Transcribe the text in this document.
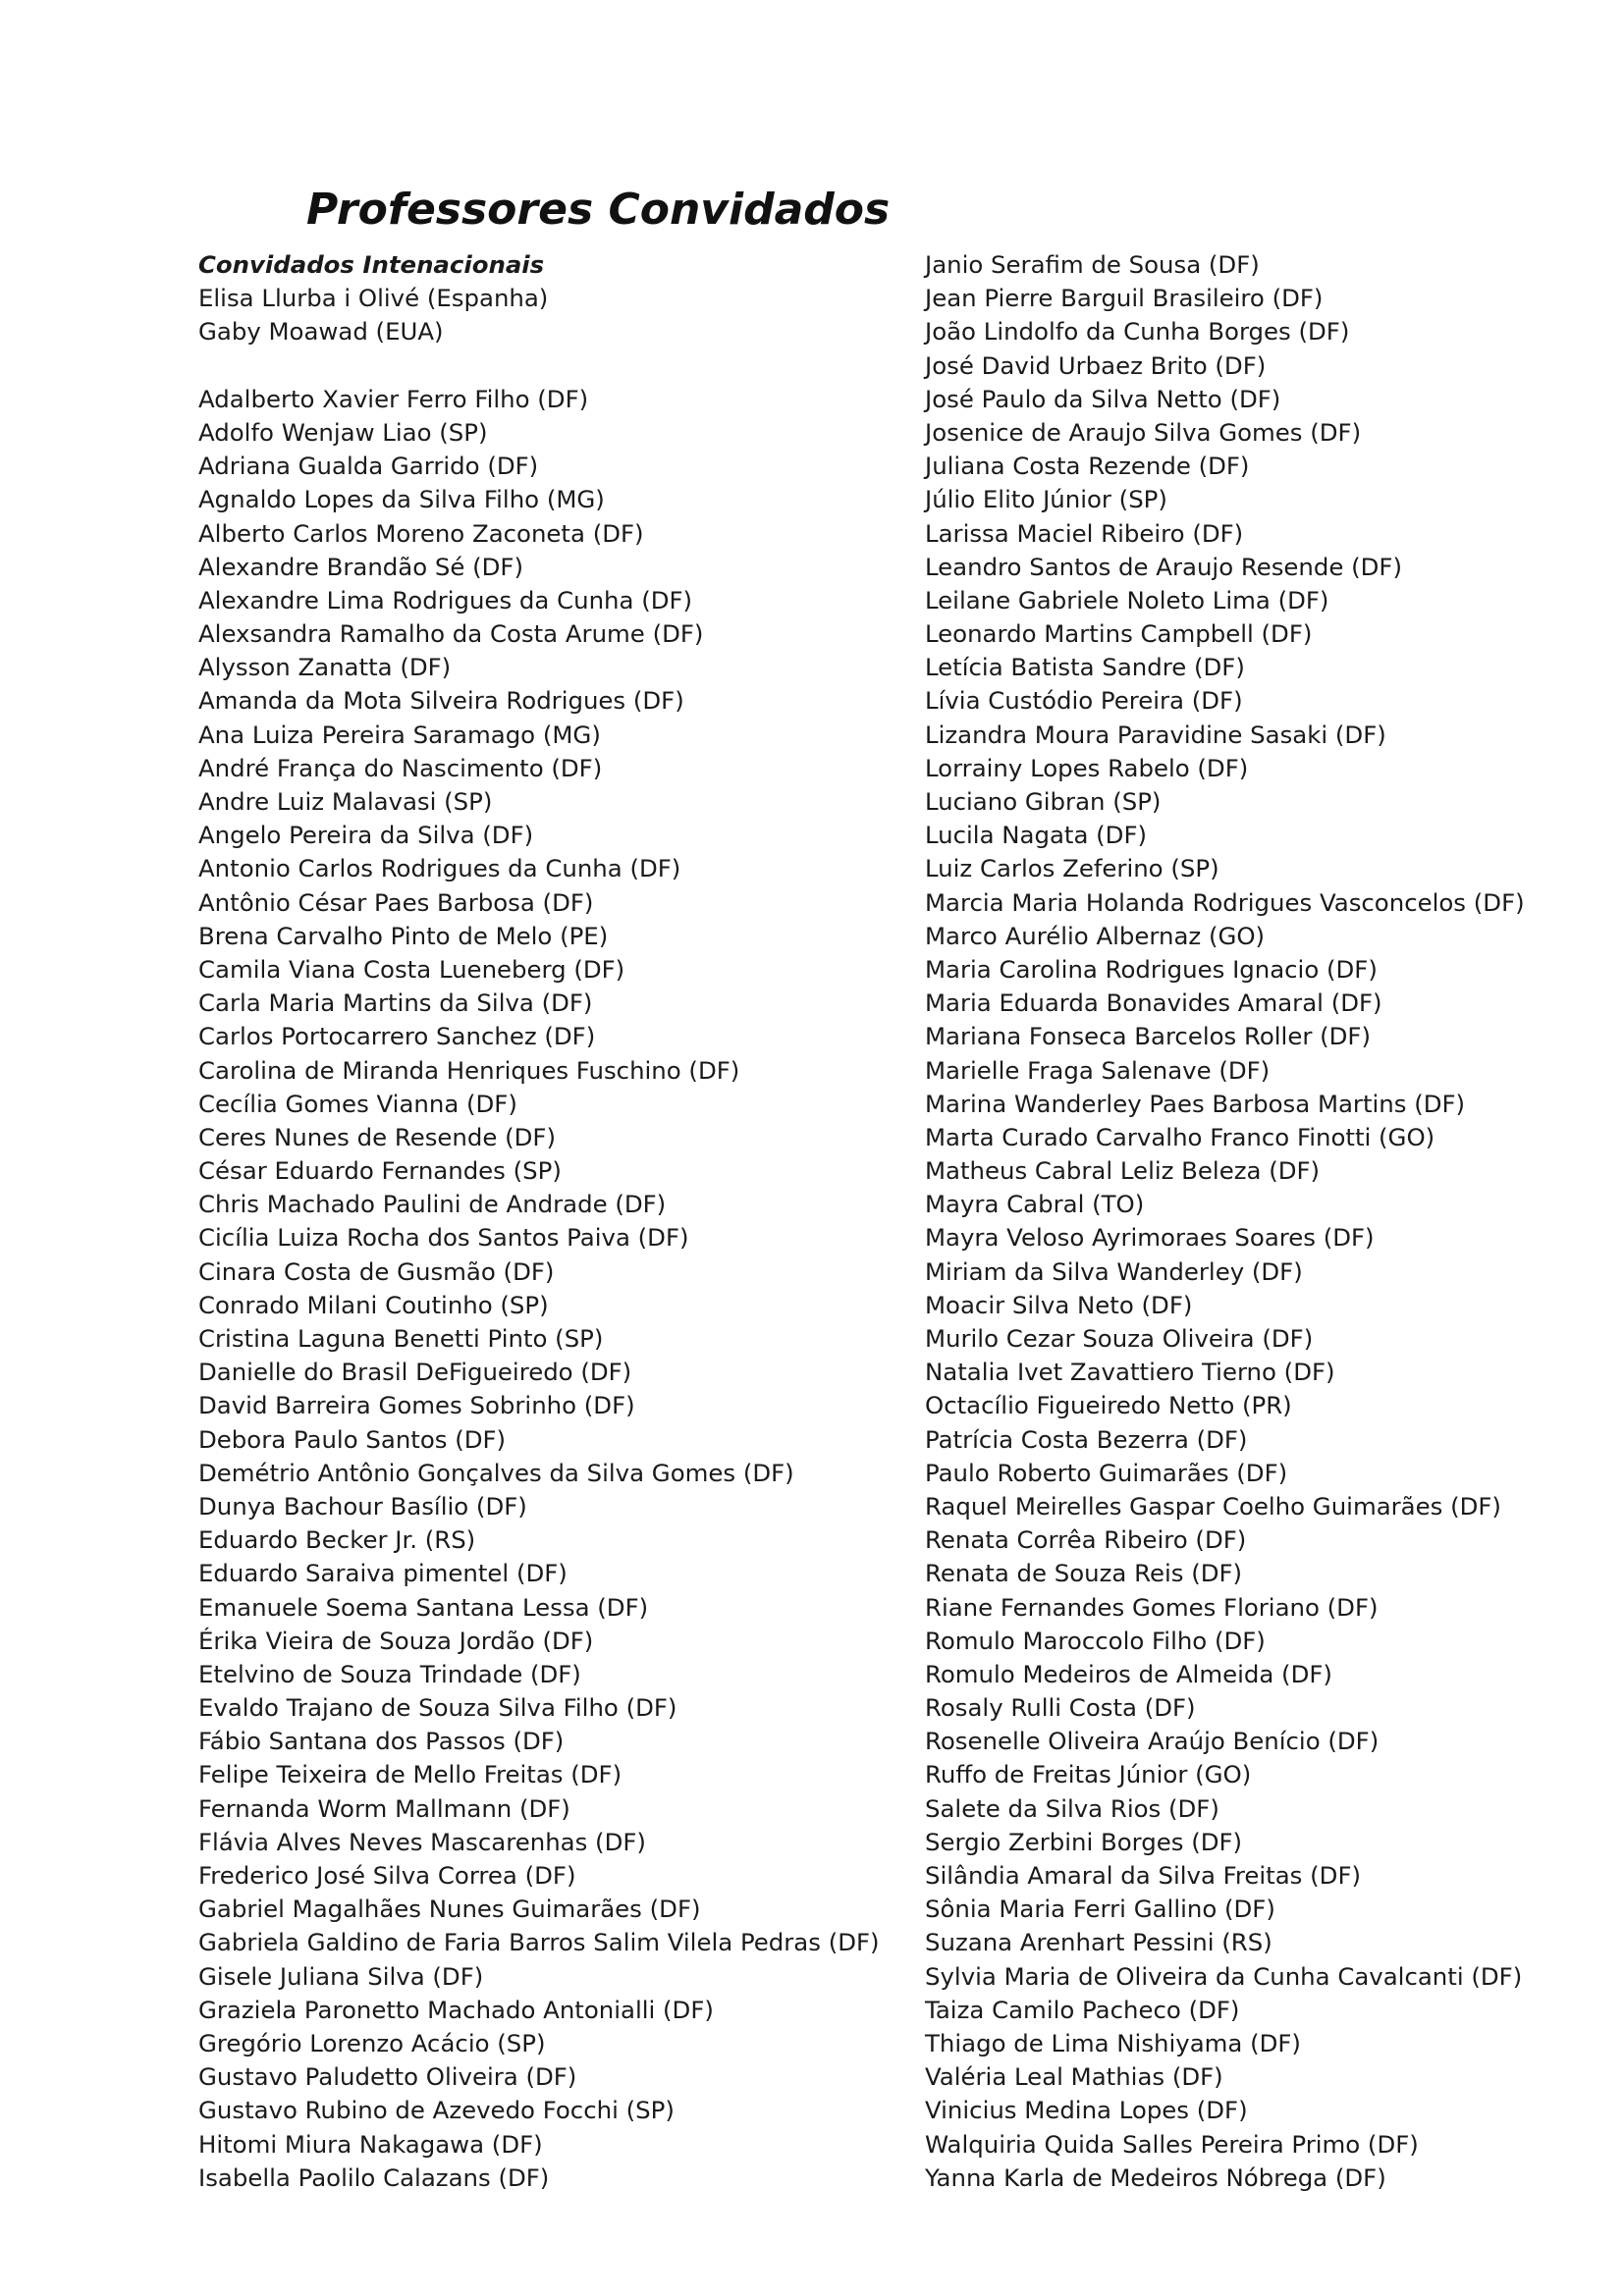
Professores Convidados
Convidados Intenacionais
Elisa Llurba i Olivé (Espanha)
Gaby Moawad (EUA)
Adalberto Xavier Ferro Filho (DF)
Adolfo Wenjaw Liao (SP)
Adriana Gualda Garrido (DF)
Agnaldo Lopes da Silva Filho (MG)
Alberto Carlos Moreno Zaconeta (DF)
Alexandre Brandão Sé (DF)
Alexandre Lima Rodrigues da Cunha (DF)
Alexsandra Ramalho da Costa Arume (DF)
Alysson Zanatta (DF)
Amanda da Mota Silveira Rodrigues (DF)
Ana Luiza Pereira Saramago (MG)
André França do Nascimento (DF)
Andre Luiz Malavasi (SP)
Angelo Pereira da Silva (DF)
Antonio Carlos Rodrigues da Cunha (DF)
Antônio César Paes Barbosa (DF)
Brena Carvalho Pinto de Melo (PE)
Camila Viana Costa Lueneberg (DF)
Carla Maria Martins da Silva (DF)
Carlos Portocarrero Sanchez (DF)
Carolina de Miranda Henriques Fuschino (DF)
Cecília Gomes Vianna (DF)
Ceres Nunes de Resende (DF)
César Eduardo Fernandes (SP)
Chris Machado Paulini de Andrade (DF)
Cicília Luiza Rocha dos Santos Paiva (DF)
Cinara Costa de Gusmão (DF)
Conrado Milani Coutinho (SP)
Cristina Laguna Benetti Pinto (SP)
Danielle do Brasil DeFigueiredo (DF)
David Barreira Gomes Sobrinho (DF)
Debora Paulo Santos (DF)
Demétrio Antônio Gonçalves da Silva Gomes (DF)
Dunya Bachour Basílio (DF)
Eduardo Becker Jr. (RS)
Eduardo Saraiva pimentel (DF)
Emanuele Soema Santana Lessa (DF)
Érika Vieira de Souza Jordão (DF)
Etelvino de Souza Trindade (DF)
Evaldo Trajano de Souza Silva Filho (DF)
Fábio Santana dos Passos (DF)
Felipe Teixeira de Mello Freitas (DF)
Fernanda Worm Mallmann (DF)
Flávia Alves Neves Mascarenhas (DF)
Frederico José Silva Correa (DF)
Gabriel Magalhães Nunes Guimarães (DF)
Gabriela Galdino de Faria Barros Salim Vilela Pedras (DF)
Gisele Juliana Silva (DF)
Graziela Paronetto Machado Antonialli (DF)
Gregório Lorenzo Acácio (SP)
Gustavo Paludetto Oliveira (DF)
Gustavo Rubino de Azevedo Focchi (SP)
Hitomi Miura Nakagawa (DF)
Isabella Paolilo Calazans (DF)
Janio Serafim de Sousa (DF)
Jean Pierre Barguil Brasileiro (DF)
João Lindolfo da Cunha Borges (DF)
José David Urbaez Brito (DF)
José Paulo da Silva Netto (DF)
Josenice de Araujo Silva Gomes (DF)
Juliana Costa Rezende (DF)
Júlio Elito Júnior (SP)
Larissa Maciel Ribeiro (DF)
Leandro Santos de Araujo Resende (DF)
Leilane Gabriele Noleto Lima (DF)
Leonardo Martins Campbell (DF)
Letícia Batista Sandre (DF)
Lívia Custódio Pereira (DF)
Lizandra Moura Paravidine Sasaki (DF)
Lorrainy Lopes Rabelo (DF)
Luciano Gibran (SP)
Lucila Nagata (DF)
Luiz Carlos Zeferino (SP)
Marcia Maria Holanda Rodrigues Vasconcelos (DF)
Marco Aurélio Albernaz (GO)
Maria Carolina Rodrigues Ignacio (DF)
Maria Eduarda Bonavides Amaral (DF)
Mariana Fonseca Barcelos Roller (DF)
Marielle Fraga Salenave (DF)
Marina Wanderley Paes Barbosa Martins (DF)
Marta Curado Carvalho Franco Finotti (GO)
Matheus Cabral Leliz Beleza (DF)
Mayra Cabral (TO)
Mayra Veloso Ayrimoraes Soares (DF)
Miriam da Silva Wanderley (DF)
Moacir Silva Neto (DF)
Murilo Cezar Souza Oliveira (DF)
Natalia Ivet Zavattiero Tierno (DF)
Octacílio Figueiredo Netto (PR)
Patrícia Costa Bezerra (DF)
Paulo Roberto Guimarães (DF)
Raquel Meirelles Gaspar Coelho Guimarães (DF)
Renata Corrêa Ribeiro (DF)
Renata de Souza Reis (DF)
Riane Fernandes Gomes Floriano (DF)
Romulo Maroccolo Filho (DF)
Romulo Medeiros de Almeida (DF)
Rosaly Rulli Costa (DF)
Rosenelle Oliveira Araújo Benício (DF)
Ruffo de Freitas Júnior (GO)
Salete da Silva Rios (DF)
Sergio Zerbini Borges (DF)
Silândia Amaral da Silva Freitas (DF)
Sônia Maria Ferri Gallino (DF)
Suzana Arenhart Pessini (RS)
Sylvia Maria de Oliveira da Cunha Cavalcanti (DF)
Taiza Camilo Pacheco (DF)
Thiago de Lima Nishiyama (DF)
Valéria Leal Mathias (DF)
Vinicius Medina Lopes (DF)
Walquiria Quida Salles Pereira Primo (DF)
Yanna Karla de Medeiros Nóbrega (DF)
